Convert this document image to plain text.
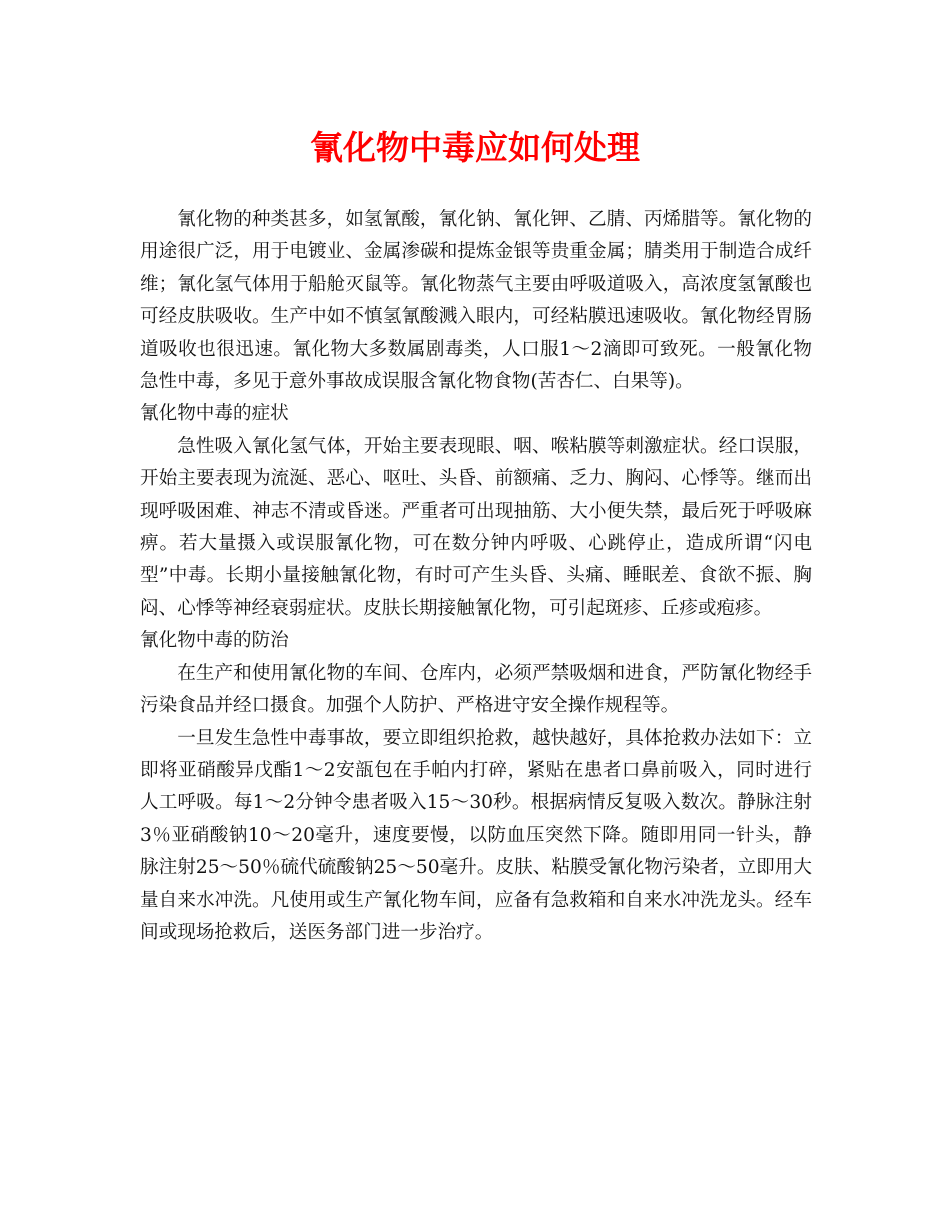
氰化物中毒应如何处理

氰化物的种类甚多，如氢氰酸，氰化钠、氰化钾、乙腈、丙烯腊等。氰化物的用途很广泛，用于电镀业、金属渗碳和提炼金银等贵重金属；腈类用于制造合成纤维；氰化氢气体用于船舱灭鼠等。氰化物蒸气主要由呼吸道吸入，高浓度氢氰酸也可经皮肤吸收。生产中如不慎氢氰酸溅入眼内，可经粘膜迅速吸收。氰化物经胃肠道吸收也很迅速。氰化物大多数属剧毒类，人口服1～2滴即可致死。一般氰化物急性中毒，多见于意外事故成误服含氰化物食物(苦杏仁、白果等)。

氰化物中毒的症状

急性吸入氰化氢气体，开始主要表现眼、咽、喉粘膜等刺激症状。经口误服，开始主要表现为流涎、恶心、呕吐、头昏、前额痛、乏力、胸闷、心悸等。继而出现呼吸困难、神志不清或昏迷。严重者可出现抽筋、大小便失禁，最后死于呼吸麻痹。若大量摄入或误服氰化物，可在数分钟内呼吸、心跳停止，造成所谓“闪电型”中毒。长期小量接触氰化物，有时可产生头昏、头痛、睡眠差、食欲不振、胸闷、心悸等神经衰弱症状。皮肤长期接触氰化物，可引起斑疹、丘疹或疱疹。

氰化物中毒的防治

在生产和使用氰化物的车间、仓库内，必须严禁吸烟和进食，严防氰化物经手污染食品并经口摄食。加强个人防护、严格进守安全操作规程等。

一旦发生急性中毒事故，要立即组织抢救，越快越好，具体抢救办法如下：立即将亚硝酸异戊酯1～2安瓿包在手帕内打碎，紧贴在患者口鼻前吸入，同时进行人工呼吸。每1～2分钟令患者吸入15～30秒。根据病情反复吸入数次。静脉注射3％亚硝酸钠10～20毫升，速度要慢，以防血压突然下降。随即用同一针头，静脉注射25～50％硫代硫酸钠25～50毫升。皮肤、粘膜受氰化物污染者，立即用大量自来水冲洗。凡使用或生产氰化物车间，应备有急救箱和自来水冲洗龙头。经车间或现场抢救后，送医务部门进一步治疗。
